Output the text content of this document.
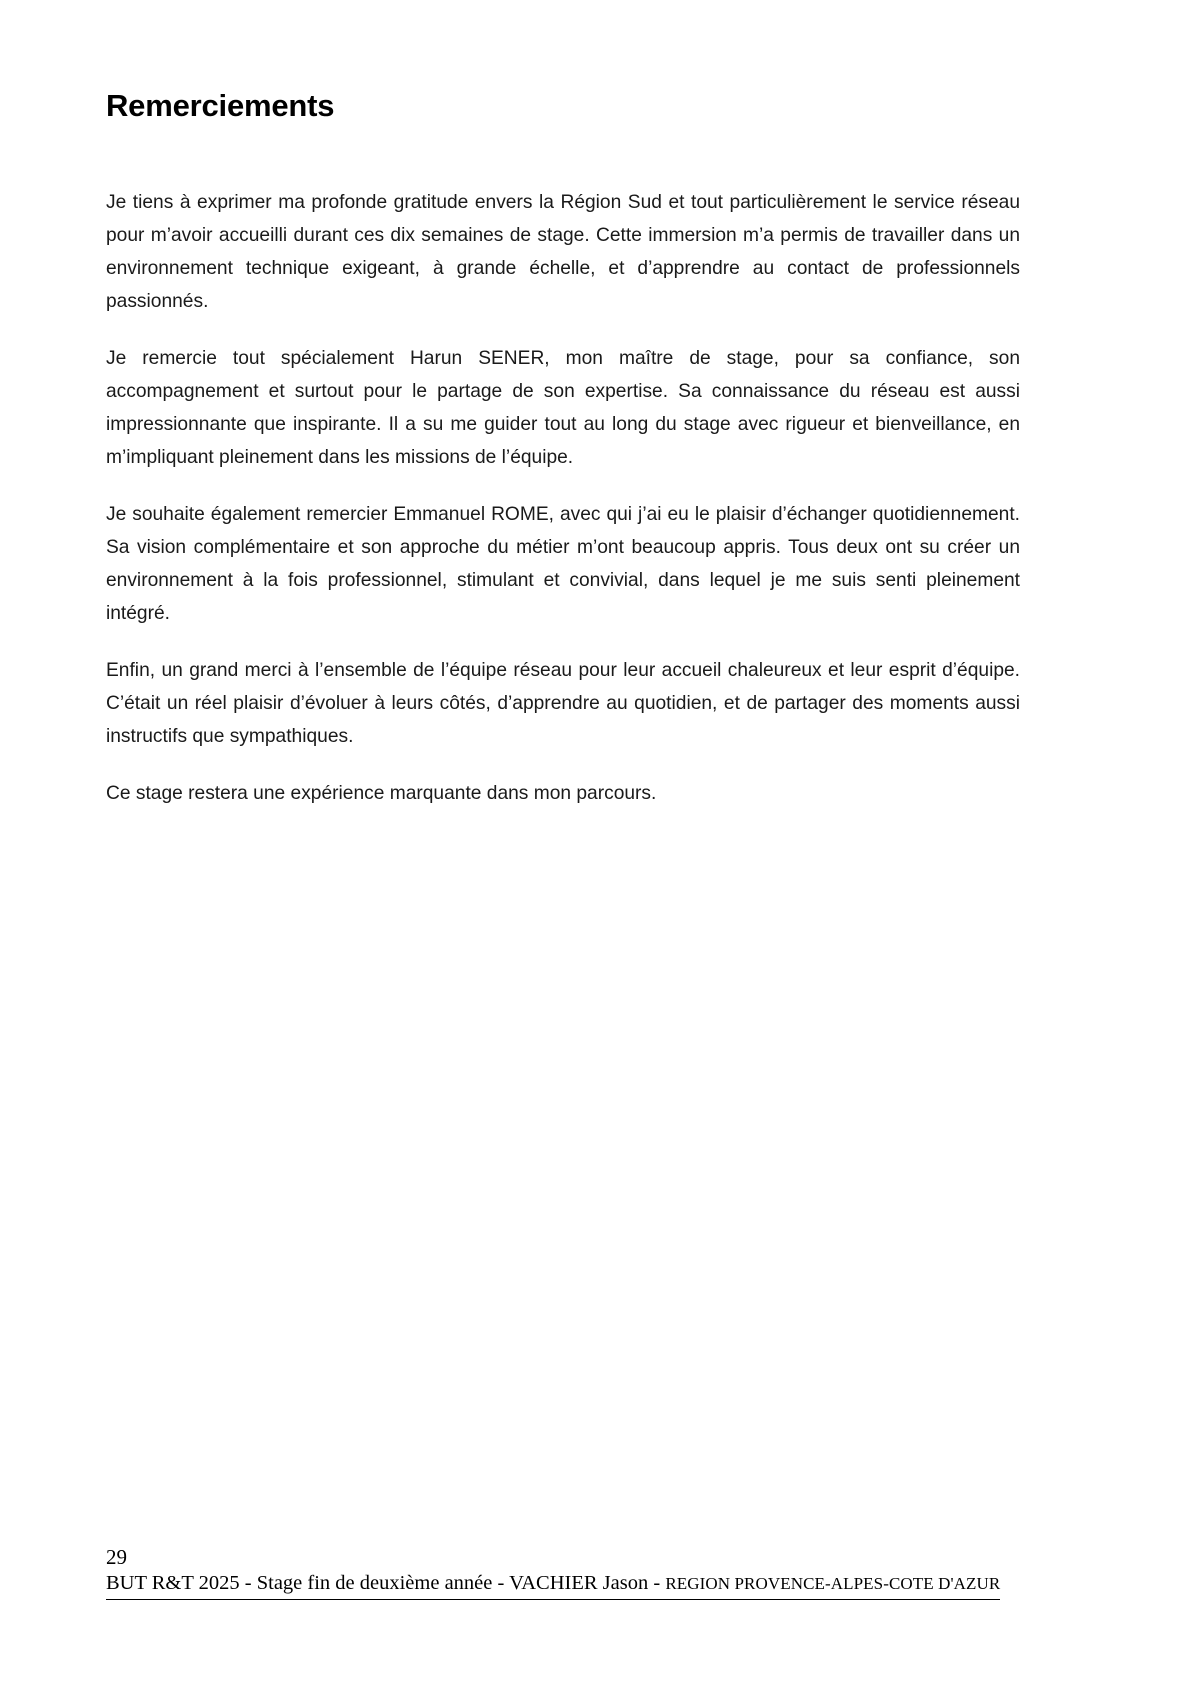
Remerciements

Je tiens à exprimer ma profonde gratitude envers la Région Sud et tout particulièrement le service réseau pour m’avoir accueilli durant ces dix semaines de stage. Cette immersion m’a permis de travailler dans un environnement technique exigeant, à grande échelle, et d’apprendre au contact de professionnels passionnés.

Je remercie tout spécialement Harun SENER, mon maître de stage, pour sa confiance, son accompagnement et surtout pour le partage de son expertise. Sa connaissance du réseau est aussi impressionnante que inspirante. Il a su me guider tout au long du stage avec rigueur et bienveillance, en m’impliquant pleinement dans les missions de l’équipe.

Je souhaite également remercier Emmanuel ROME, avec qui j’ai eu le plaisir d’échanger quotidiennement. Sa vision complémentaire et son approche du métier m’ont beaucoup appris. Tous deux ont su créer un environnement à la fois professionnel, stimulant et convivial, dans lequel je me suis senti pleinement intégré.

Enfin, un grand merci à l’ensemble de l’équipe réseau pour leur accueil chaleureux et leur esprit d’équipe. C’était un réel plaisir d’évoluer à leurs côtés, d’apprendre au quotidien, et de partager des moments aussi instructifs que sympathiques.

Ce stage restera une expérience marquante dans mon parcours.

29
BUT R&T 2025 - Stage fin de deuxième année - VACHIER Jason - REGION PROVENCE-ALPES-COTE D'AZUR
